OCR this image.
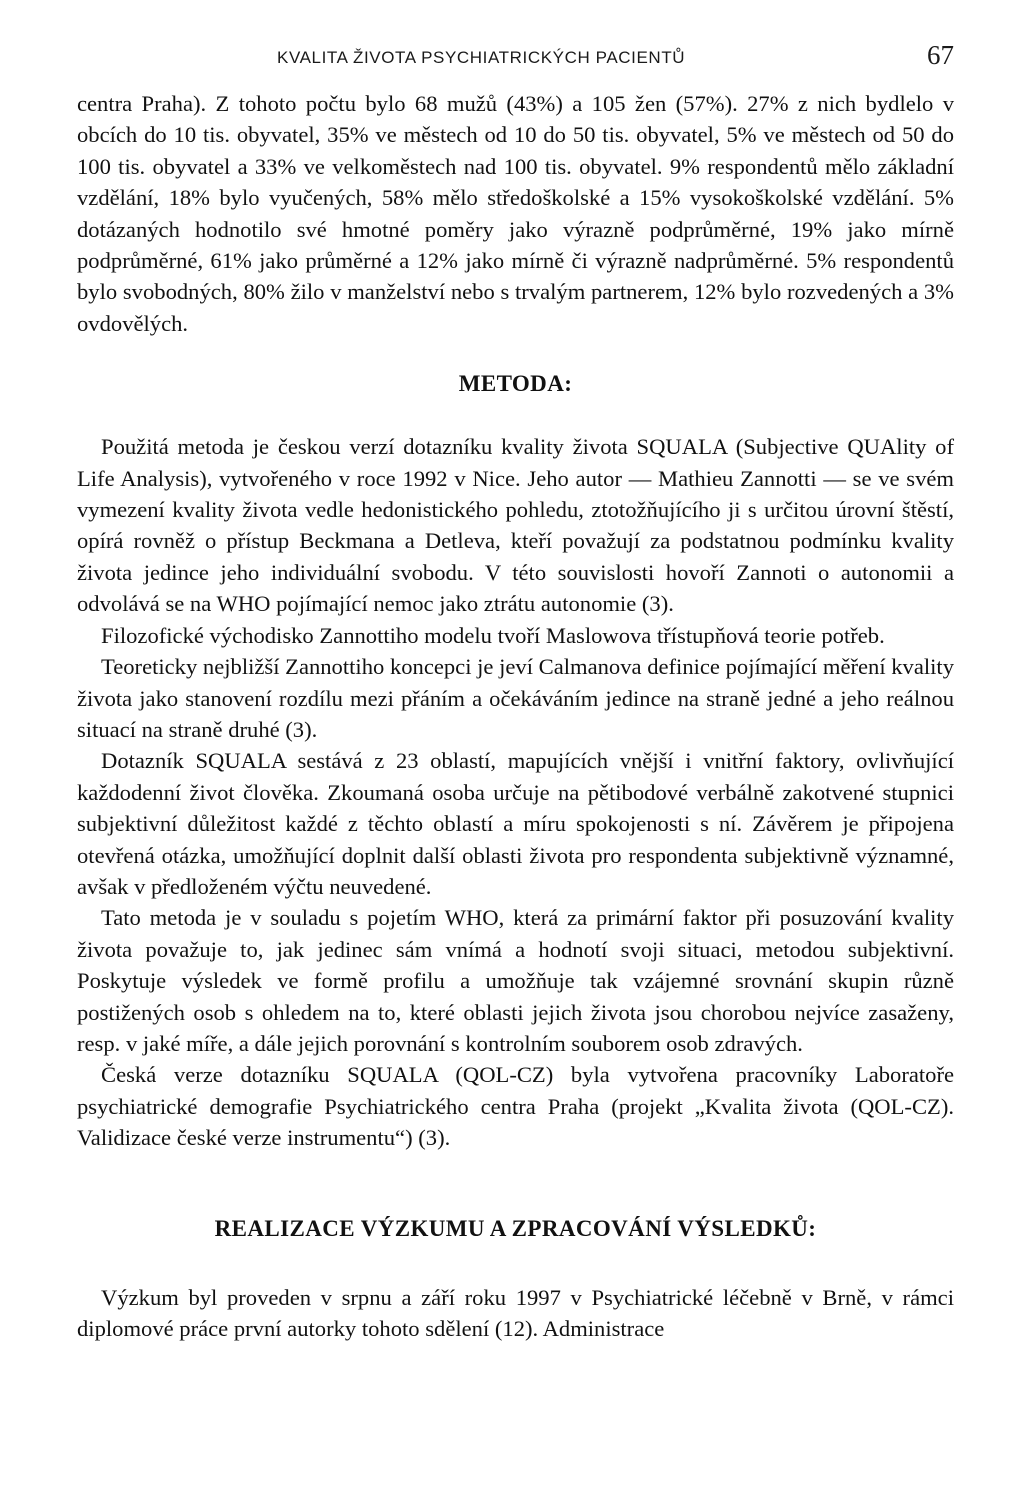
KVALITA ŽIVOTA PSYCHIATRICKÝCH PACIENTŮ	67

centra Praha). Z tohoto počtu bylo 68 mužů (43%) a 105 žen (57%). 27% z nich bydlelo v obcích do 10 tis. obyvatel, 35% ve městech od 10 do 50 tis. obyvatel, 5% ve městech od 50 do 100 tis. obyvatel a 33% ve velkoměstech nad 100 tis. obyvatel. 9% respondentů mělo základní vzdělání, 18% bylo vyučených, 58% mělo středoškolské a 15% vysokoškolské vzdělání. 5% dotázaných hodnotilo své hmotné poměry jako výrazně podprůměrné, 19% jako mírně podprůměrné, 61% jako průměrné a 12% jako mírně či výrazně nadprůměrné. 5% respondentů bylo svobodných, 80% žilo v manželství nebo s trvalým partnerem, 12% bylo rozvedených a 3% ovdovělých.

METODA:

Použitá metoda je českou verzí dotazníku kvality života SQUALA (Subjective QUAlity of Life Analysis), vytvořeného v roce 1992 v Nice. Jeho autor — Mathieu Zannotti — se ve svém vymezení kvality života vedle hedonistického pohledu, ztotožňujícího ji s určitou úrovní štěstí, opírá rovněž o přístup Beckmana a Detleva, kteří považují za podstatnou podmínku kvality života jedince jeho individuální svobodu. V této souvislosti hovoří Zannoti o autonomii a odvolává se na WHO pojímající nemoc jako ztrátu autonomie (3).

Filozofické východisko Zannottiho modelu tvoří Maslowova třístupňová teorie potřeb.

Teoreticky nejbližší Zannottiho koncepci je jeví Calmanova definice pojímající měření kvality života jako stanovení rozdílu mezi přáním a očekáváním jedince na straně jedné a jeho reálnou situací na straně druhé (3).

Dotazník SQUALA sestává z 23 oblastí, mapujících vnější i vnitřní faktory, ovlivňující každodenní život člověka. Zkoumaná osoba určuje na pětibodové verbálně zakotvené stupnici subjektivní důležitost každé z těchto oblastí a míru spokojenosti s ní. Závěrem je připojena otevřená otázka, umožňující doplnit další oblasti života pro respondenta subjektivně významné, avšak v předloženém výčtu neuvedené.

Tato metoda je v souladu s pojetím WHO, která za primární faktor při posuzování kvality života považuje to, jak jedinec sám vnímá a hodnotí svoji situaci, metodou subjektivní. Poskytuje výsledek ve formě profilu a umožňuje tak vzájemné srovnání skupin různě postižených osob s ohledem na to, které oblasti jejich života jsou chorobou nejvíce zasaženy, resp. v jaké míře, a dále jejich porovnání s kontrolním souborem osob zdravých.

Česká verze dotazníku SQUALA (QOL-CZ) byla vytvořena pracovníky Laboratoře psychiatrické demografie Psychiatrického centra Praha (projekt „Kvalita života (QOL-CZ). Validizace české verze instrumentu“) (3).

REALIZACE VÝZKUMU A ZPRACOVÁNÍ VÝSLEDKŮ:

Výzkum byl proveden v srpnu a září roku 1997 v Psychiatrické léčebně v Brně, v rámci diplomové práce první autorky tohoto sdělení (12). Administrace
